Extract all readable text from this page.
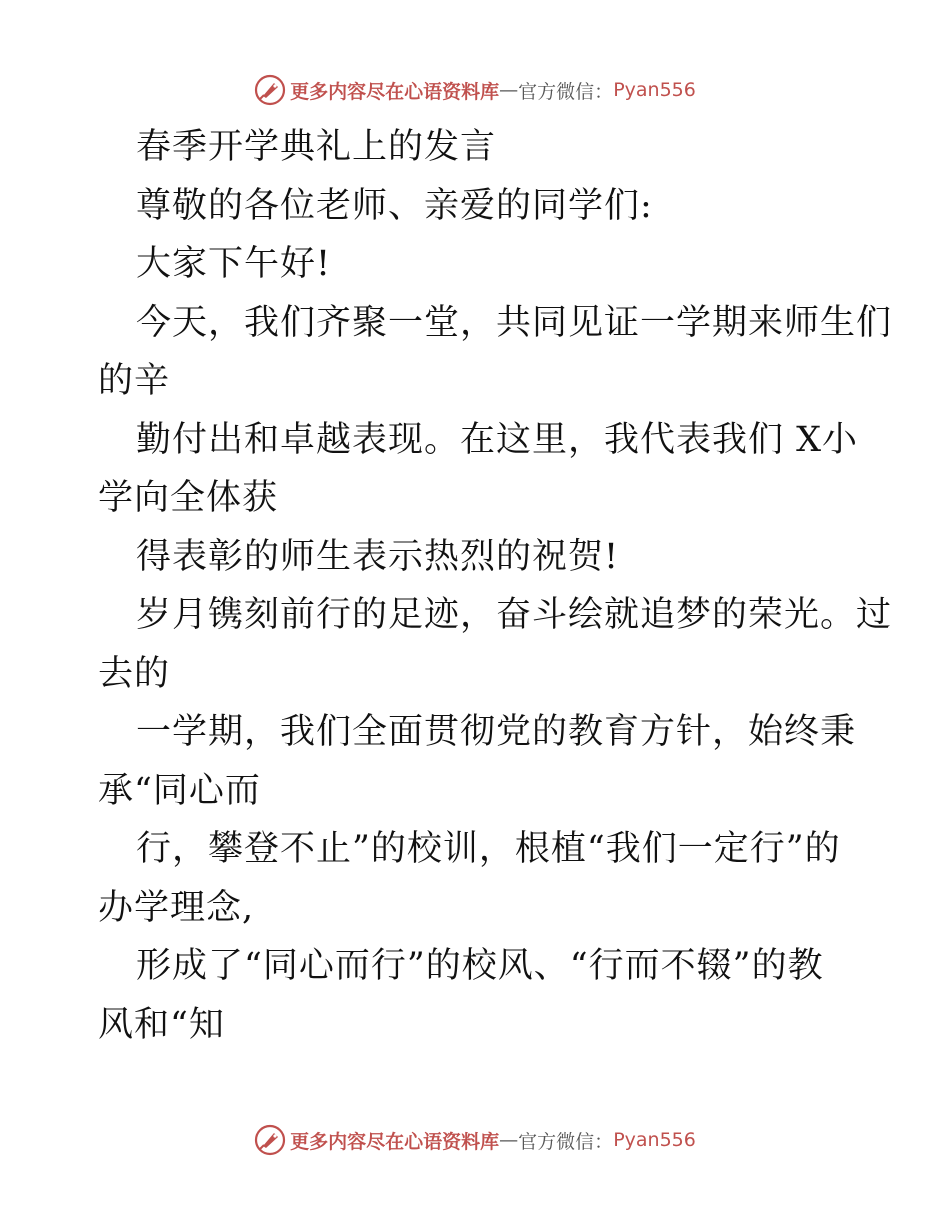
更多内容尽在心语资料库 — 官方微信： Pyan556
春季开学典礼上的发言
尊敬的各位老师、亲爱的同学们:
大家下午好!
今天，我们齐聚一堂，共同见证一学期来师生们
的辛
勤付出和卓越表现。在这里，我代表我们 X小
学向全体获
得表彰的师生表示热烈的祝贺!
岁月镌刻前行的足迹，奋斗绘就追梦的荣光。过
去的
一学期，我们全面贯彻党的教育方针，始终秉
承“同心而
行，攀登不止”的校训，根植“我们一定行”的
办学理念,
形成了“同心而行”的校风、“行而不辍”的教
风和“知
更多内容尽在心语资料库 — 官方微信： Pyan556
